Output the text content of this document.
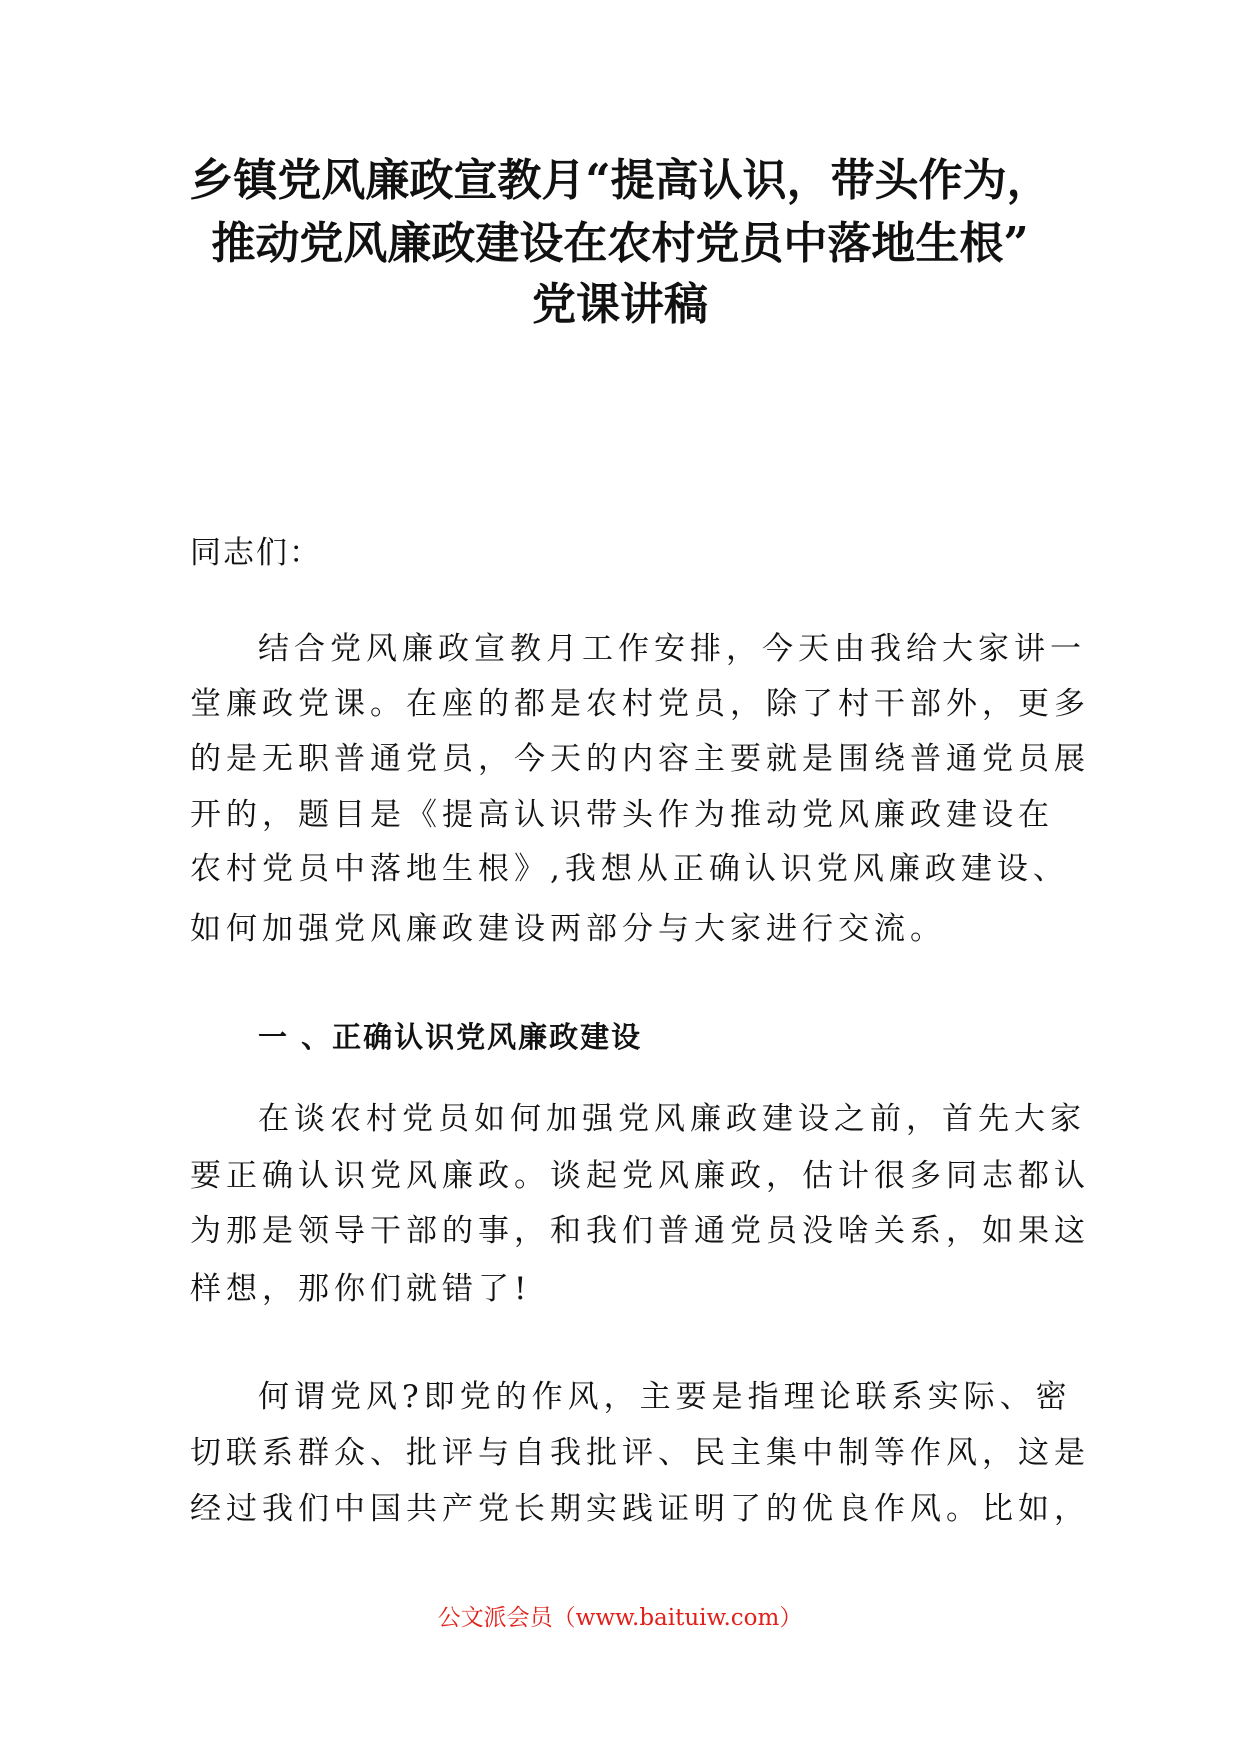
乡镇党风廉政宣教月“提高认识，带头作为，
推动党风廉政建设在农村党员中落地生根”
党课讲稿

同志们：

结合党风廉政宣教月工作安排，今天由我给大家讲一

堂廉政党课。在座的都是农村党员，除了村干部外，更多

的是无职普通党员，今天的内容主要就是围绕普通党员展

开的，题目是《提高认识带头作为推动党风廉政建设在

农村党员中落地生根》,我想从正确认识党风廉政建设、

如何加强党风廉政建设两部分与大家进行交流。

一 、正确认识党风廉政建设

在谈农村党员如何加强党风廉政建设之前，首先大家

要正确认识党风廉政。谈起党风廉政，估计很多同志都认

为那是领导干部的事，和我们普通党员没啥关系，如果这

样想，那你们就错了!

何谓党风?即党的作风，主要是指理论联系实际、密

切联系群众、批评与自我批评、民主集中制等作风，这是

经过我们中国共产党长期实践证明了的优良作风。比如，

公文派会员（www.baituiw.com）
